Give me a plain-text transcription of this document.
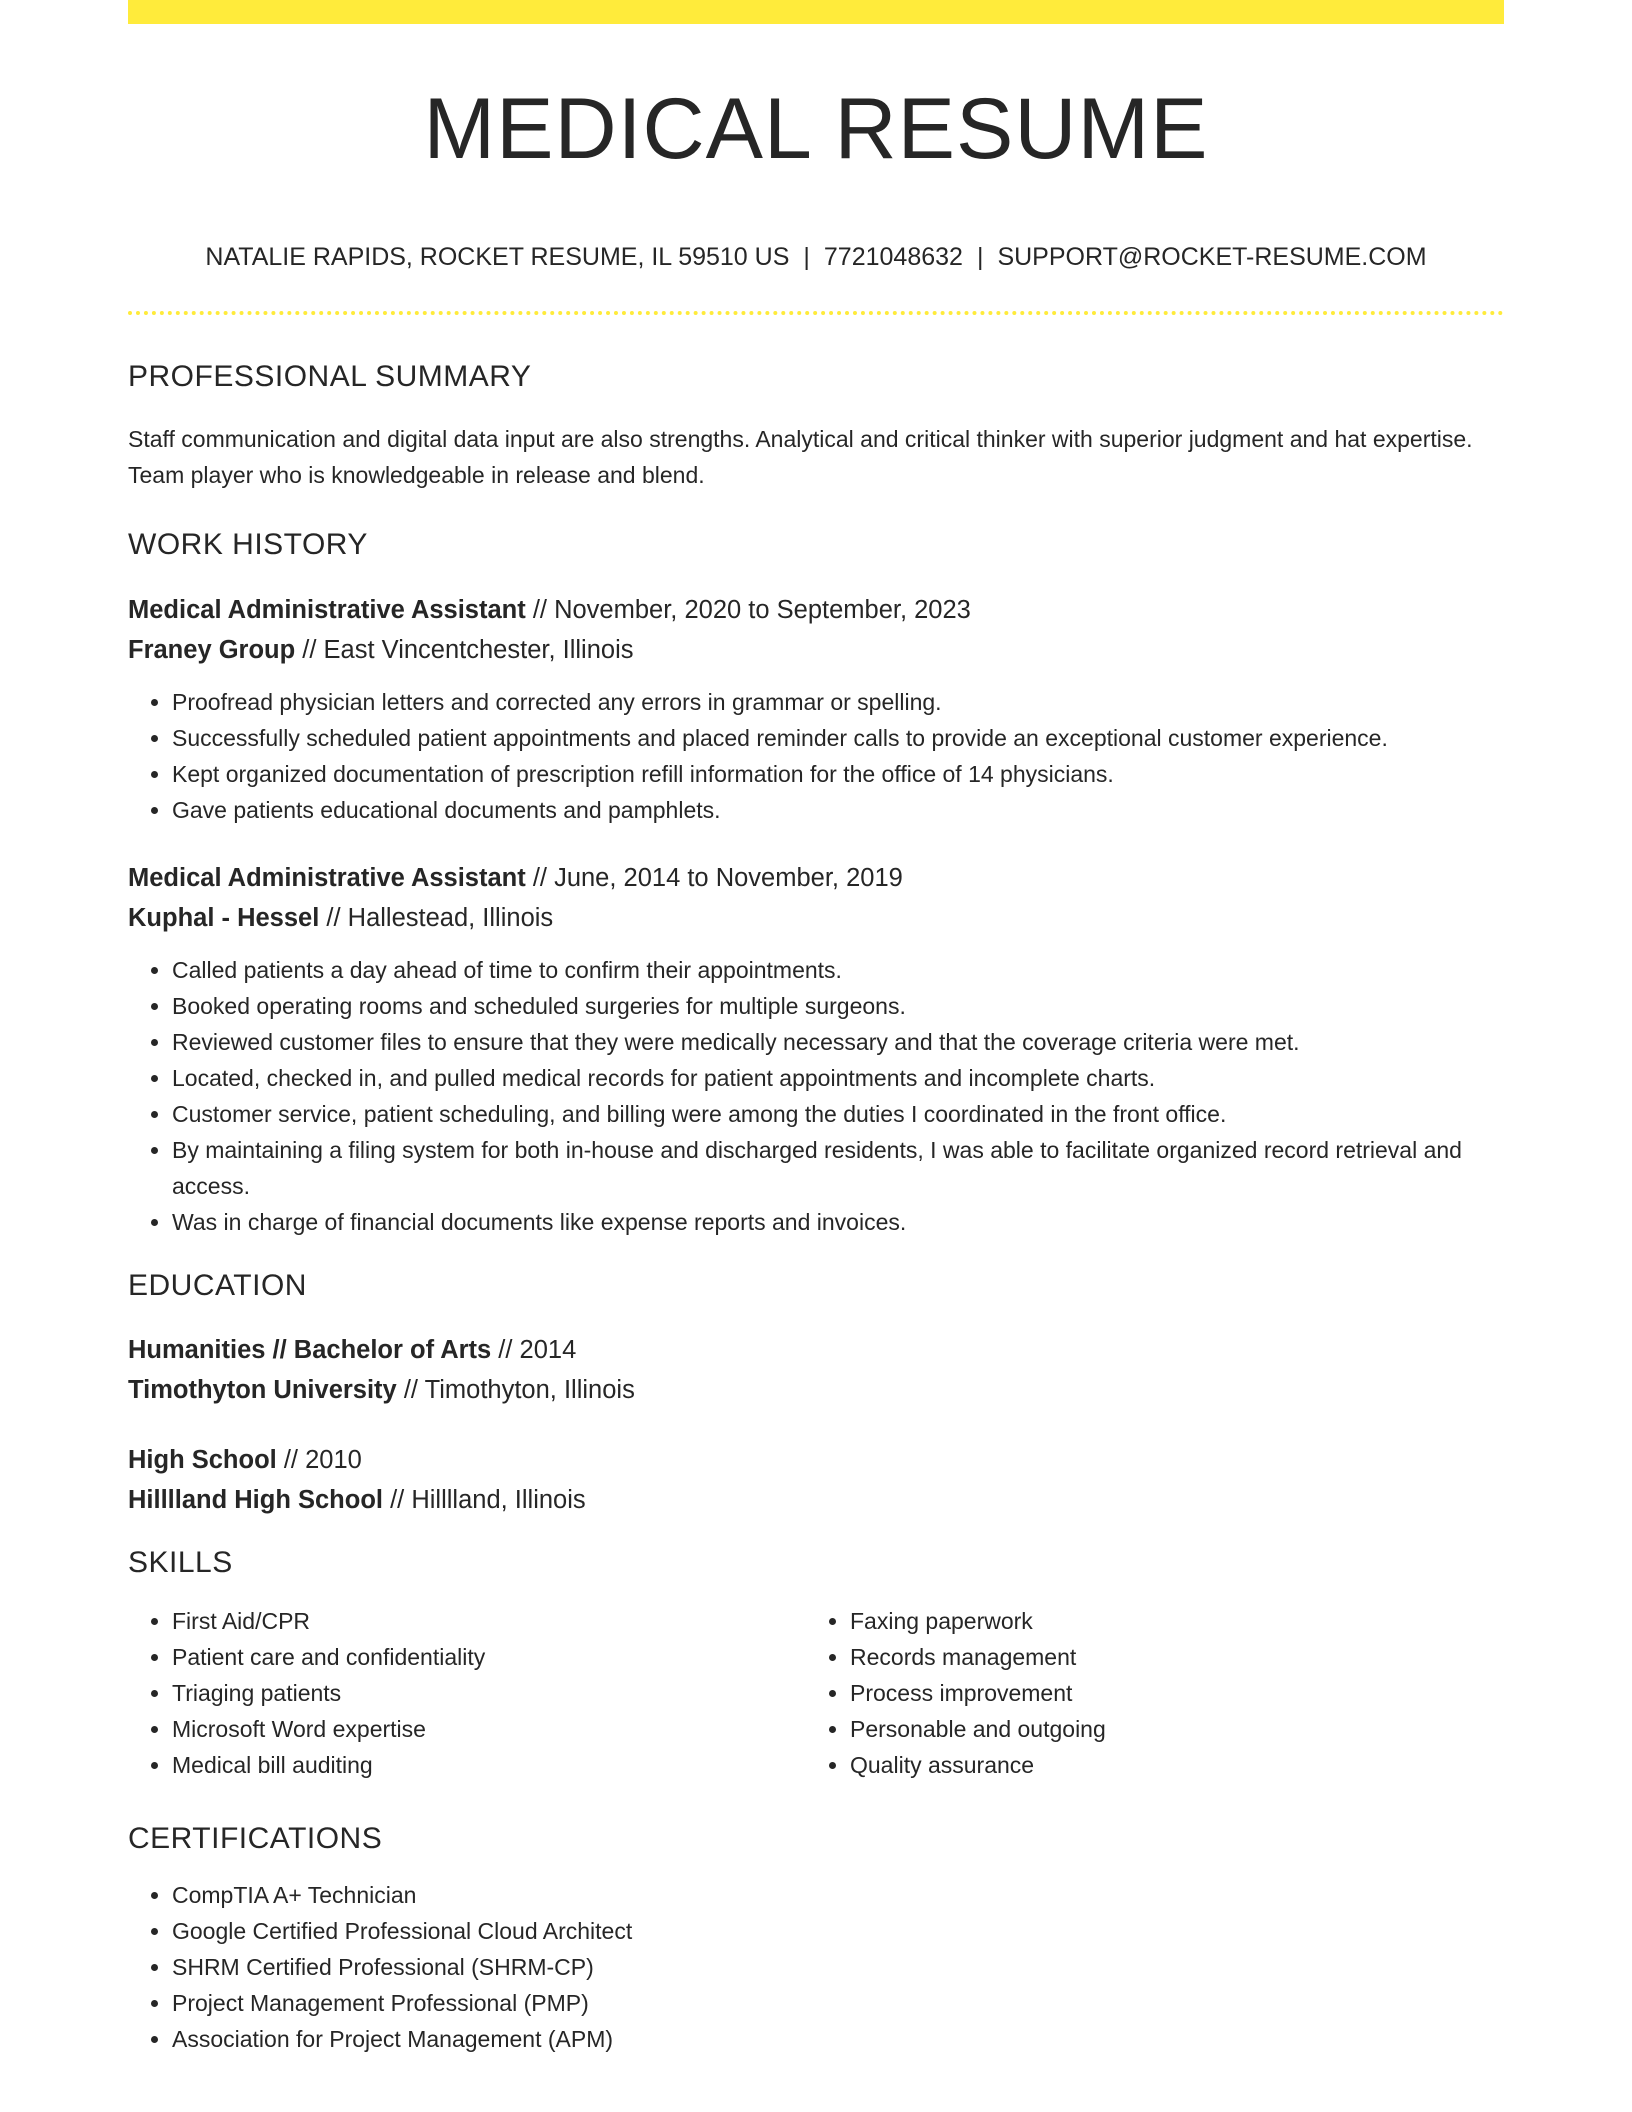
MEDICAL RESUME
NATALIE RAPIDS, ROCKET RESUME, IL 59510 US | 7721048632 | SUPPORT@ROCKET-RESUME.COM
PROFESSIONAL SUMMARY

Staff communication and digital data input are also strengths. Analytical and critical thinker with superior judgment and hat expertise. Team player who is knowledgeable in release and blend.

WORK HISTORY
Medical Administrative Assistant // November, 2020 to September, 2023
Franey Group // East Vincentchester, Illinois
• Proofread physician letters and corrected any errors in grammar or spelling.
• Successfully scheduled patient appointments and placed reminder calls to provide an exceptional customer experience.
• Kept organized documentation of prescription refill information for the office of 14 physicians.
• Gave patients educational documents and pamphlets.
Medical Administrative Assistant // June, 2014 to November, 2019
Kuphal - Hessel // Hallestead, Illinois
• Called patients a day ahead of time to confirm their appointments.
• Booked operating rooms and scheduled surgeries for multiple surgeons.
• Reviewed customer files to ensure that they were medically necessary and that the coverage criteria were met.
• Located, checked in, and pulled medical records for patient appointments and incomplete charts.
• Customer service, patient scheduling, and billing were among the duties I coordinated in the front office.
• By maintaining a filing system for both in-house and discharged residents, I was able to facilitate organized record retrieval and access.
• Was in charge of financial documents like expense reports and invoices.
EDUCATION
Humanities // Bachelor of Arts // 2014
Timothyton University // Timothyton, Illinois
High School // 2010
Hilllland High School // Hilllland, Illinois
SKILLS
• First Aid/CPR
• Patient care and confidentiality
• Triaging patients
• Microsoft Word expertise
• Medical bill auditing
• Faxing paperwork
• Records management
• Process improvement
• Personable and outgoing
• Quality assurance
CERTIFICATIONS
• CompTIA A+ Technician
• Google Certified Professional Cloud Architect
• SHRM Certified Professional (SHRM-CP)
• Project Management Professional (PMP)
• Association for Project Management (APM)
